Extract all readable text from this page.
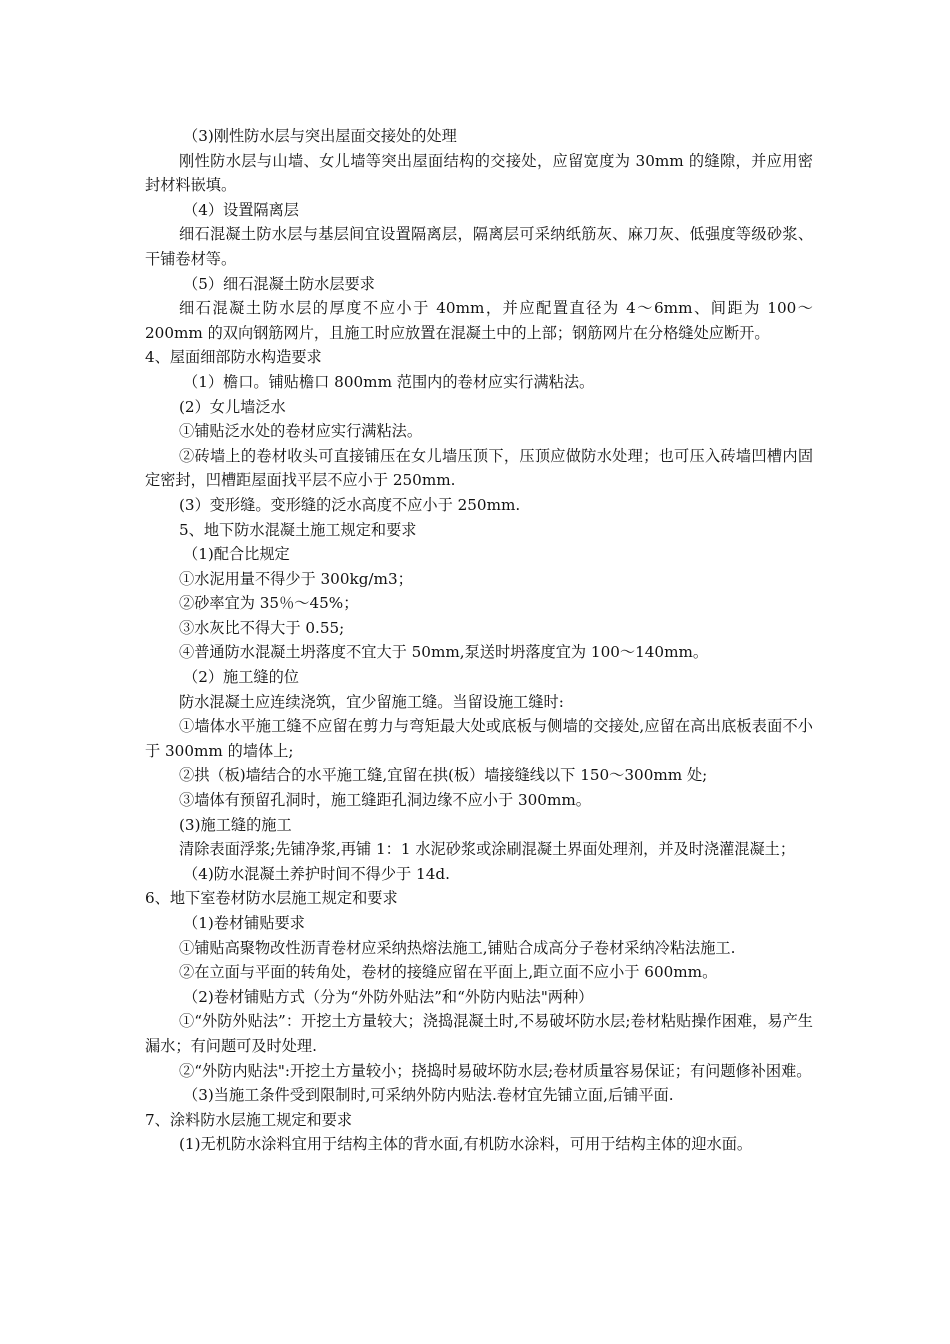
（3)刚性防水层与突出屋面交接处的处理

刚性防水层与山墙、女儿墙等突出屋面结构的交接处，应留宽度为 30mm 的缝隙，并应用密封材料嵌填。

（4）设置隔离层

细石混凝土防水层与基层间宜设置隔离层，隔离层可采纳纸筋灰、麻刀灰、低强度等级砂浆、干铺卷材等。

（5）细石混凝土防水层要求

细石混凝土防水层的厚度不应小于 40mm，并应配置直径为 4～6mm、间距为 100～200mm 的双向钢筋网片，且施工时应放置在混凝土中的上部；钢筋网片在分格缝处应断开。

4、屋面细部防水构造要求

（1）檐口。铺贴檐口 800mm 范围内的卷材应实行满粘法。

(2）女儿墙泛水

①铺贴泛水处的卷材应实行满粘法。

②砖墙上的卷材收头可直接铺压在女儿墙压顶下，压顶应做防水处理；也可压入砖墙凹槽内固定密封，凹槽距屋面找平层不应小于 250mm.

(3）变形缝。变形缝的泛水高度不应小于 250mm.

5、地下防水混凝土施工规定和要求

（1)配合比规定

①水泥用量不得少于 300kg/m3；

②砂率宜为 35％～45%；

③水灰比不得大于 0.55;

④普通防水混凝土坍落度不宜大于 50mm,泵送时坍落度宜为 100～140mm。

（2）施工缝的位

防水混凝土应连续浇筑，宜少留施工缝。当留设施工缝时:

①墙体水平施工缝不应留在剪力与弯矩最大处或底板与侧墙的交接处,应留在高出底板表面不小于 300mm 的墙体上;

②拱（板)墙结合的水平施工缝,宜留在拱(板）墙接缝线以下 150～300mm 处;

③墙体有预留孔洞时，施工缝距孔洞边缘不应小于 300mm。

(3)施工缝的施工

清除表面浮浆;先铺净浆,再铺 1：1 水泥砂浆或涂刷混凝土界面处理剂，并及时浇灌混凝土；

（4)防水混凝土养护时间不得少于 14d.

6、地下室卷材防水层施工规定和要求

（1)卷材铺贴要求

①铺贴高聚物改性沥青卷材应采纳热熔法施工,铺贴合成高分子卷材采纳冷粘法施工.

②在立面与平面的转角处，卷材的接缝应留在平面上,距立面不应小于 600mm。

（2)卷材铺贴方式（分为“外防外贴法”和“外防内贴法"两种）

①“外防外贴法”：开挖土方量较大；浇捣混凝土时,不易破坏防水层;卷材粘贴操作困难，易产生漏水；有问题可及时处理.

②“外防内贴法":开挖土方量较小；挠捣时易破坏防水层;卷材质量容易保证；有问题修补困难。

（3)当施工条件受到限制时,可采纳外防内贴法.卷材宜先铺立面,后铺平面.

7、涂料防水层施工规定和要求

(1)无机防水涂料宜用于结构主体的背水面,有机防水涂料，可用于结构主体的迎水面。
